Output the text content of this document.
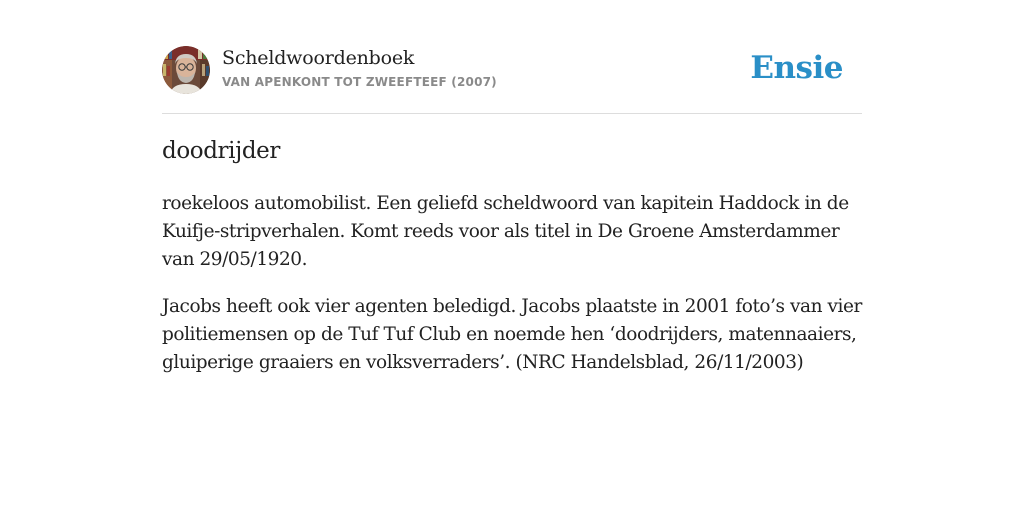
Scheldwoordenboek
VAN APENKONT TOT ZWEEFTEEF (2007)	Ensie
doodrijder

roekeloos automobilist. Een geliefd scheldwoord van kapitein Haddock in de Kuifje-stripverhalen. Komt reeds voor als titel in De Groene Amsterdammer van 29/05/1920.

Jacobs heeft ook vier agenten beledigd. Jacobs plaatste in 2001 foto’s van vier politiemensen op de Tuf Tuf Club en noemde hen ‘doodrijders, matennaaiers, gluiperige graaiers en volksverraders’. (NRC Handelsblad, 26/11/2003)
